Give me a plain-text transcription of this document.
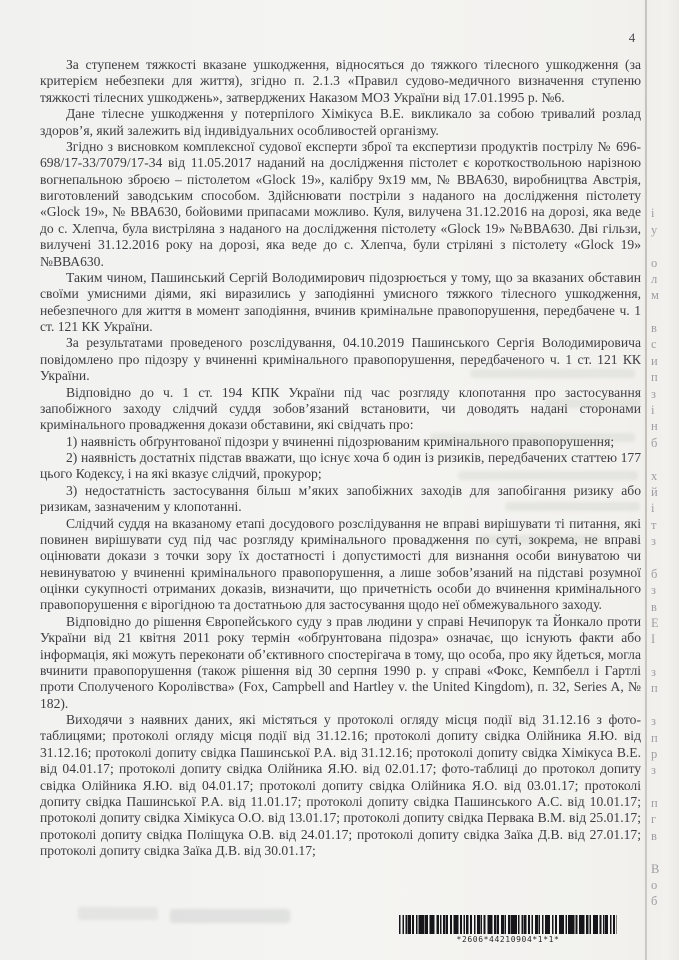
4

За ступенем тяжкості вказане ушкодження, відносяться до тяжкого тілесного ушкодження (за критерієм небезпеки для життя), згідно п. 2.1.3 «Правил судово-медичного визначення ступеню тяжкості тілесних ушкоджень», затверджених Наказом МОЗ України від 17.01.1995 р. №6.

Дане тілесне ушкодження у потерпілого Хімікуса В.Е. викликало за собою тривалий розлад здоров’я, який залежить від індивідуальних особливостей організму.

Згідно з висновком комплексної судової експерти зброї та експертизи продуктів пострілу № 696-698/17-33/7079/17-34 від 11.05.2017 наданий на дослідження пістолет є короткоствольною нарізною вогнепальною зброєю – пістолетом «Glock 19», калібру 9х19 мм, № ВВА630, виробництва Австрія, виготовлений заводським способом. Здійснювати постріли з наданого на дослідження пістолету «Glock 19», № ВВА630, бойовими припасами можливо. Куля, вилучена 31.12.2016 на дорозі, яка веде до с. Хлепча, була вистріляна з наданого на дослідження пістолету «Glock 19» №ВВА630. Дві гільзи, вилучені 31.12.2016 року на дорозі, яка веде до с. Хлепча, були стріляні з пістолету «Glock 19» №ВВА630.

Таким чином, Пашинський Сергій Володимирович підозрюється у тому, що за вказаних обставин своїми умисними діями, які виразились у заподіянні умисного тяжкого тілесного ушкодження, небезпечного для життя в момент заподіяння, вчинив кримінальне правопорушення, передбачене ч. 1 ст. 121 КК України.

За результатами проведеного розслідування, 04.10.2019 Пашинського Сергія Володимировича повідомлено про підозру у вчиненні кримінального правопорушення, передбаченого ч. 1 ст. 121 КК України.

Відповідно до ч. 1 ст. 194 КПК України під час розгляду клопотання про застосування запобіжного заходу слідчий суддя зобов’язаний встановити, чи доводять надані сторонами кримінального провадження докази обставини, які свідчать про:

1) наявність обґрунтованої підозри у вчиненні підозрюваним кримінального правопорушення;

2) наявність достатніх підстав вважати, що існує хоча б один із ризиків, передбачених статтею 177 цього Кодексу, і на які вказує слідчий, прокурор;

3) недостатність застосування більш м’яких запобіжних заходів для запобігання ризику або ризикам, зазначеним у клопотанні.

Слідчий суддя на вказаному етапі досудового розслідування не вправі вирішувати ті питання, які повинен вирішувати суд під час розгляду кримінального провадження по суті, зокрема, не вправі оцінювати докази з точки зору їх достатності і допустимості для визнання особи винуватою чи невинуватою у вчиненні кримінального правопорушення, а лише зобов’язаний на підставі розумної оцінки сукупності отриманих доказів, визначити, що причетність особи до вчинення кримінального правопорушення є вірогідною та достатньою для застосування щодо неї обмежувального заходу.

Відповідно до рішення Європейського суду з прав людини у справі Нечипорук та Йонкало проти України від 21 квітня 2011 року термін «обґрунтована підозра» означає, що існують факти або інформація, які можуть переконати об’єктивного спостерігача в тому, що особа, про яку йдеться, могла вчинити правопорушення (також рішення від 30 серпня 1990 р. у справі «Фокс, Кемпбелл і Гартлі проти Сполученого Королівства» (Fox, Campbell and Hartley v. the United Kingdom), п. 32, Series A, № 182).

Виходячи з наявних даних, які містяться у протоколі огляду місця події від 31.12.16 з фото-таблицями; протоколі огляду місця події від 31.12.16; протоколі допиту свідка Олійника Я.Ю. від 31.12.16; протоколі допиту свідка Пашинської Р.А. від 31.12.16; протоколі допиту свідка Хімікуса В.Е. від 04.01.17; протоколі допиту свідка Олійника Я.Ю. від 02.01.17; фото-таблиці до протокол допиту свідка Олійника Я.Ю. від 04.01.17; протоколі допиту свідка Олійника Я.О. від 03.01.17; протоколі допиту свідка Пашинської Р.А. від 11.01.17; протоколі допиту свідка Пашинського А.С. від 10.01.17; протоколі допиту свідка Хімікуса О.О. від 13.01.17; протоколі допиту свідка Первака В.М. від 25.01.17; протоколі допиту свідка Поліщука О.В. від 24.01.17; протоколі допиту свідка Заїка Д.В. від 27.01.17; протоколі допиту свідка Заїка Д.В. від 30.01.17;

*2606*44210904*1*1*
і
у
о
л
м
в
с
и
п
з
і
н
б
х
й
і
т
з
б
з
в
Е
І
з
п
з
п
р
з
п
г
в
В
о
б
